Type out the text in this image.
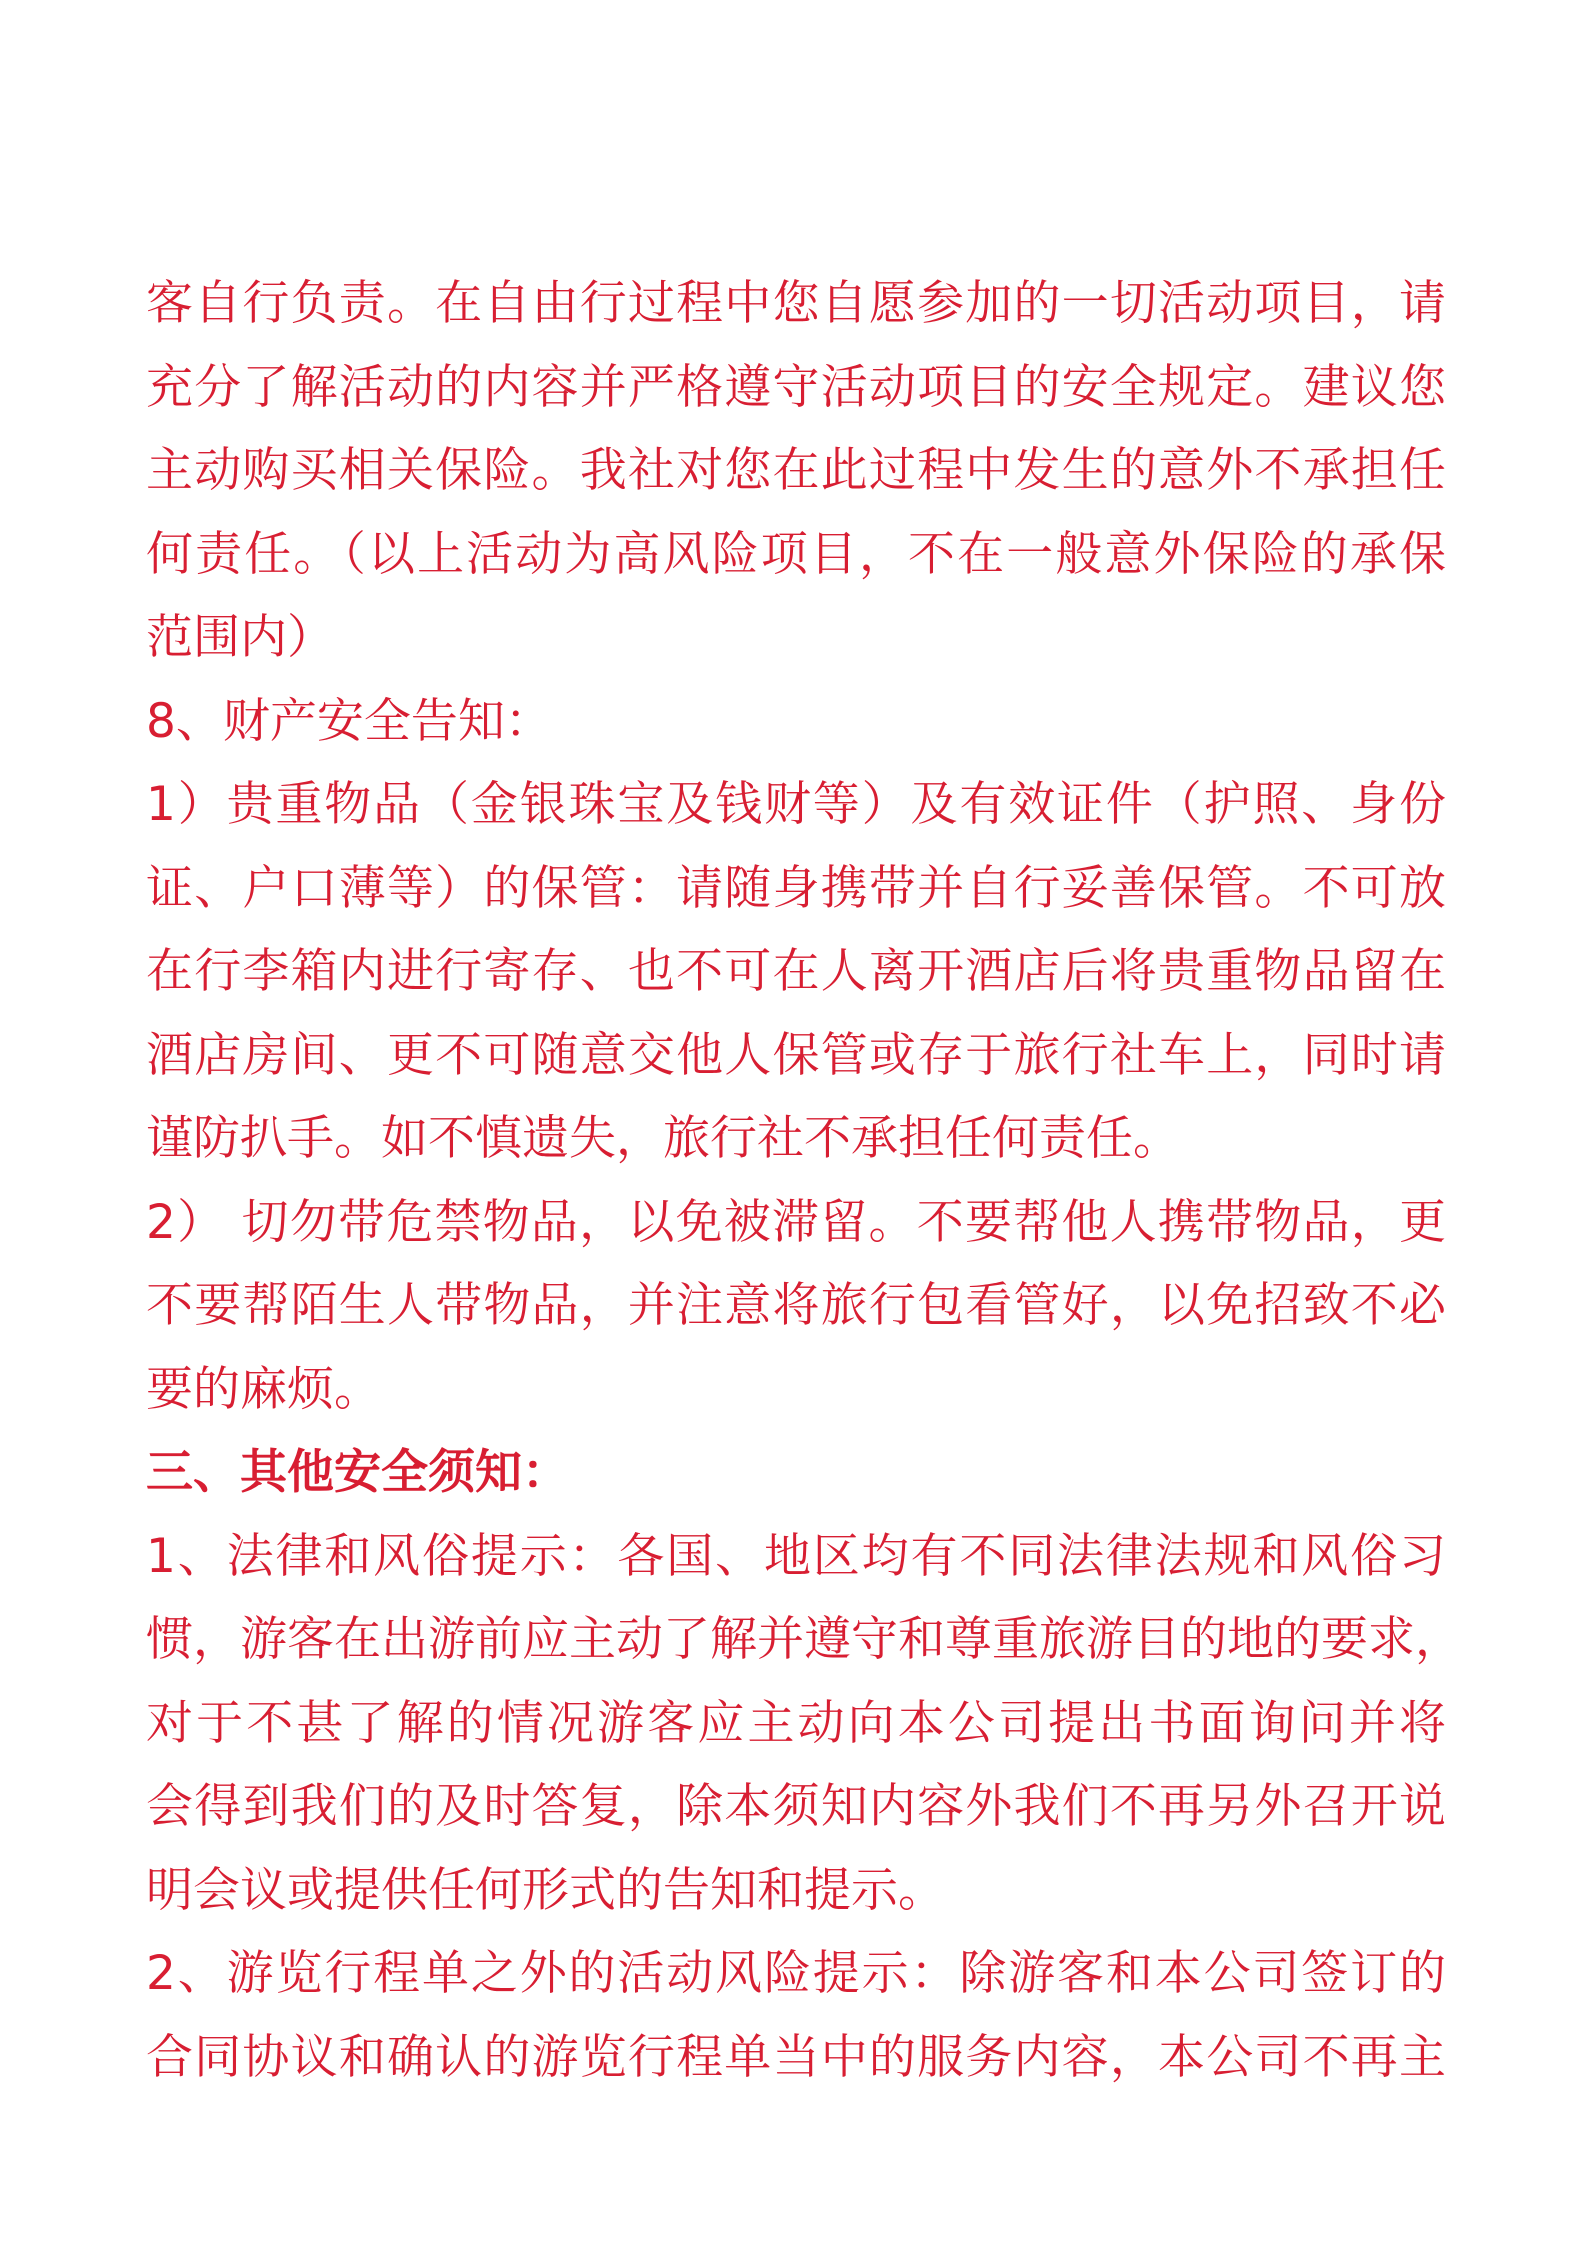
客自行负责。在自由行过程中您自愿参加的一切活动项目，请
充分了解活动的内容并严格遵守活动项目的安全规定。建议您
主动购买相关保险。我社对您在此过程中发生的意外不承担任
何责任。（以上活动为高风险项目，不在一般意外保险的承保
范围内）
8、财产安全告知：
1）贵重物品（金银珠宝及钱财等）及有效证件（护照、身份
证、户口薄等）的保管：请随身携带并自行妥善保管。不可放
在行李箱内进行寄存、也不可在人离开酒店后将贵重物品留在
酒店房间、更不可随意交他人保管或存于旅行社车上，同时请
谨防扒手。如不慎遗失，旅行社不承担任何责任。
2） 切勿带危禁物品，以免被滞留。不要帮他人携带物品，更
不要帮陌生人带物品，并注意将旅行包看管好，以免招致不必
要的麻烦。
三、其他安全须知：
1、法律和风俗提示：各国、地区均有不同法律法规和风俗习
惯，游客在出游前应主动了解并遵守和尊重旅游目的地的要求，
对于不甚了解的情况游客应主动向本公司提出书面询问并将
会得到我们的及时答复，除本须知内容外我们不再另外召开说
明会议或提供任何形式的告知和提示。
2、游览行程单之外的活动风险提示：除游客和本公司签订的
合同协议和确认的游览行程单当中的服务内容，本公司不再主
